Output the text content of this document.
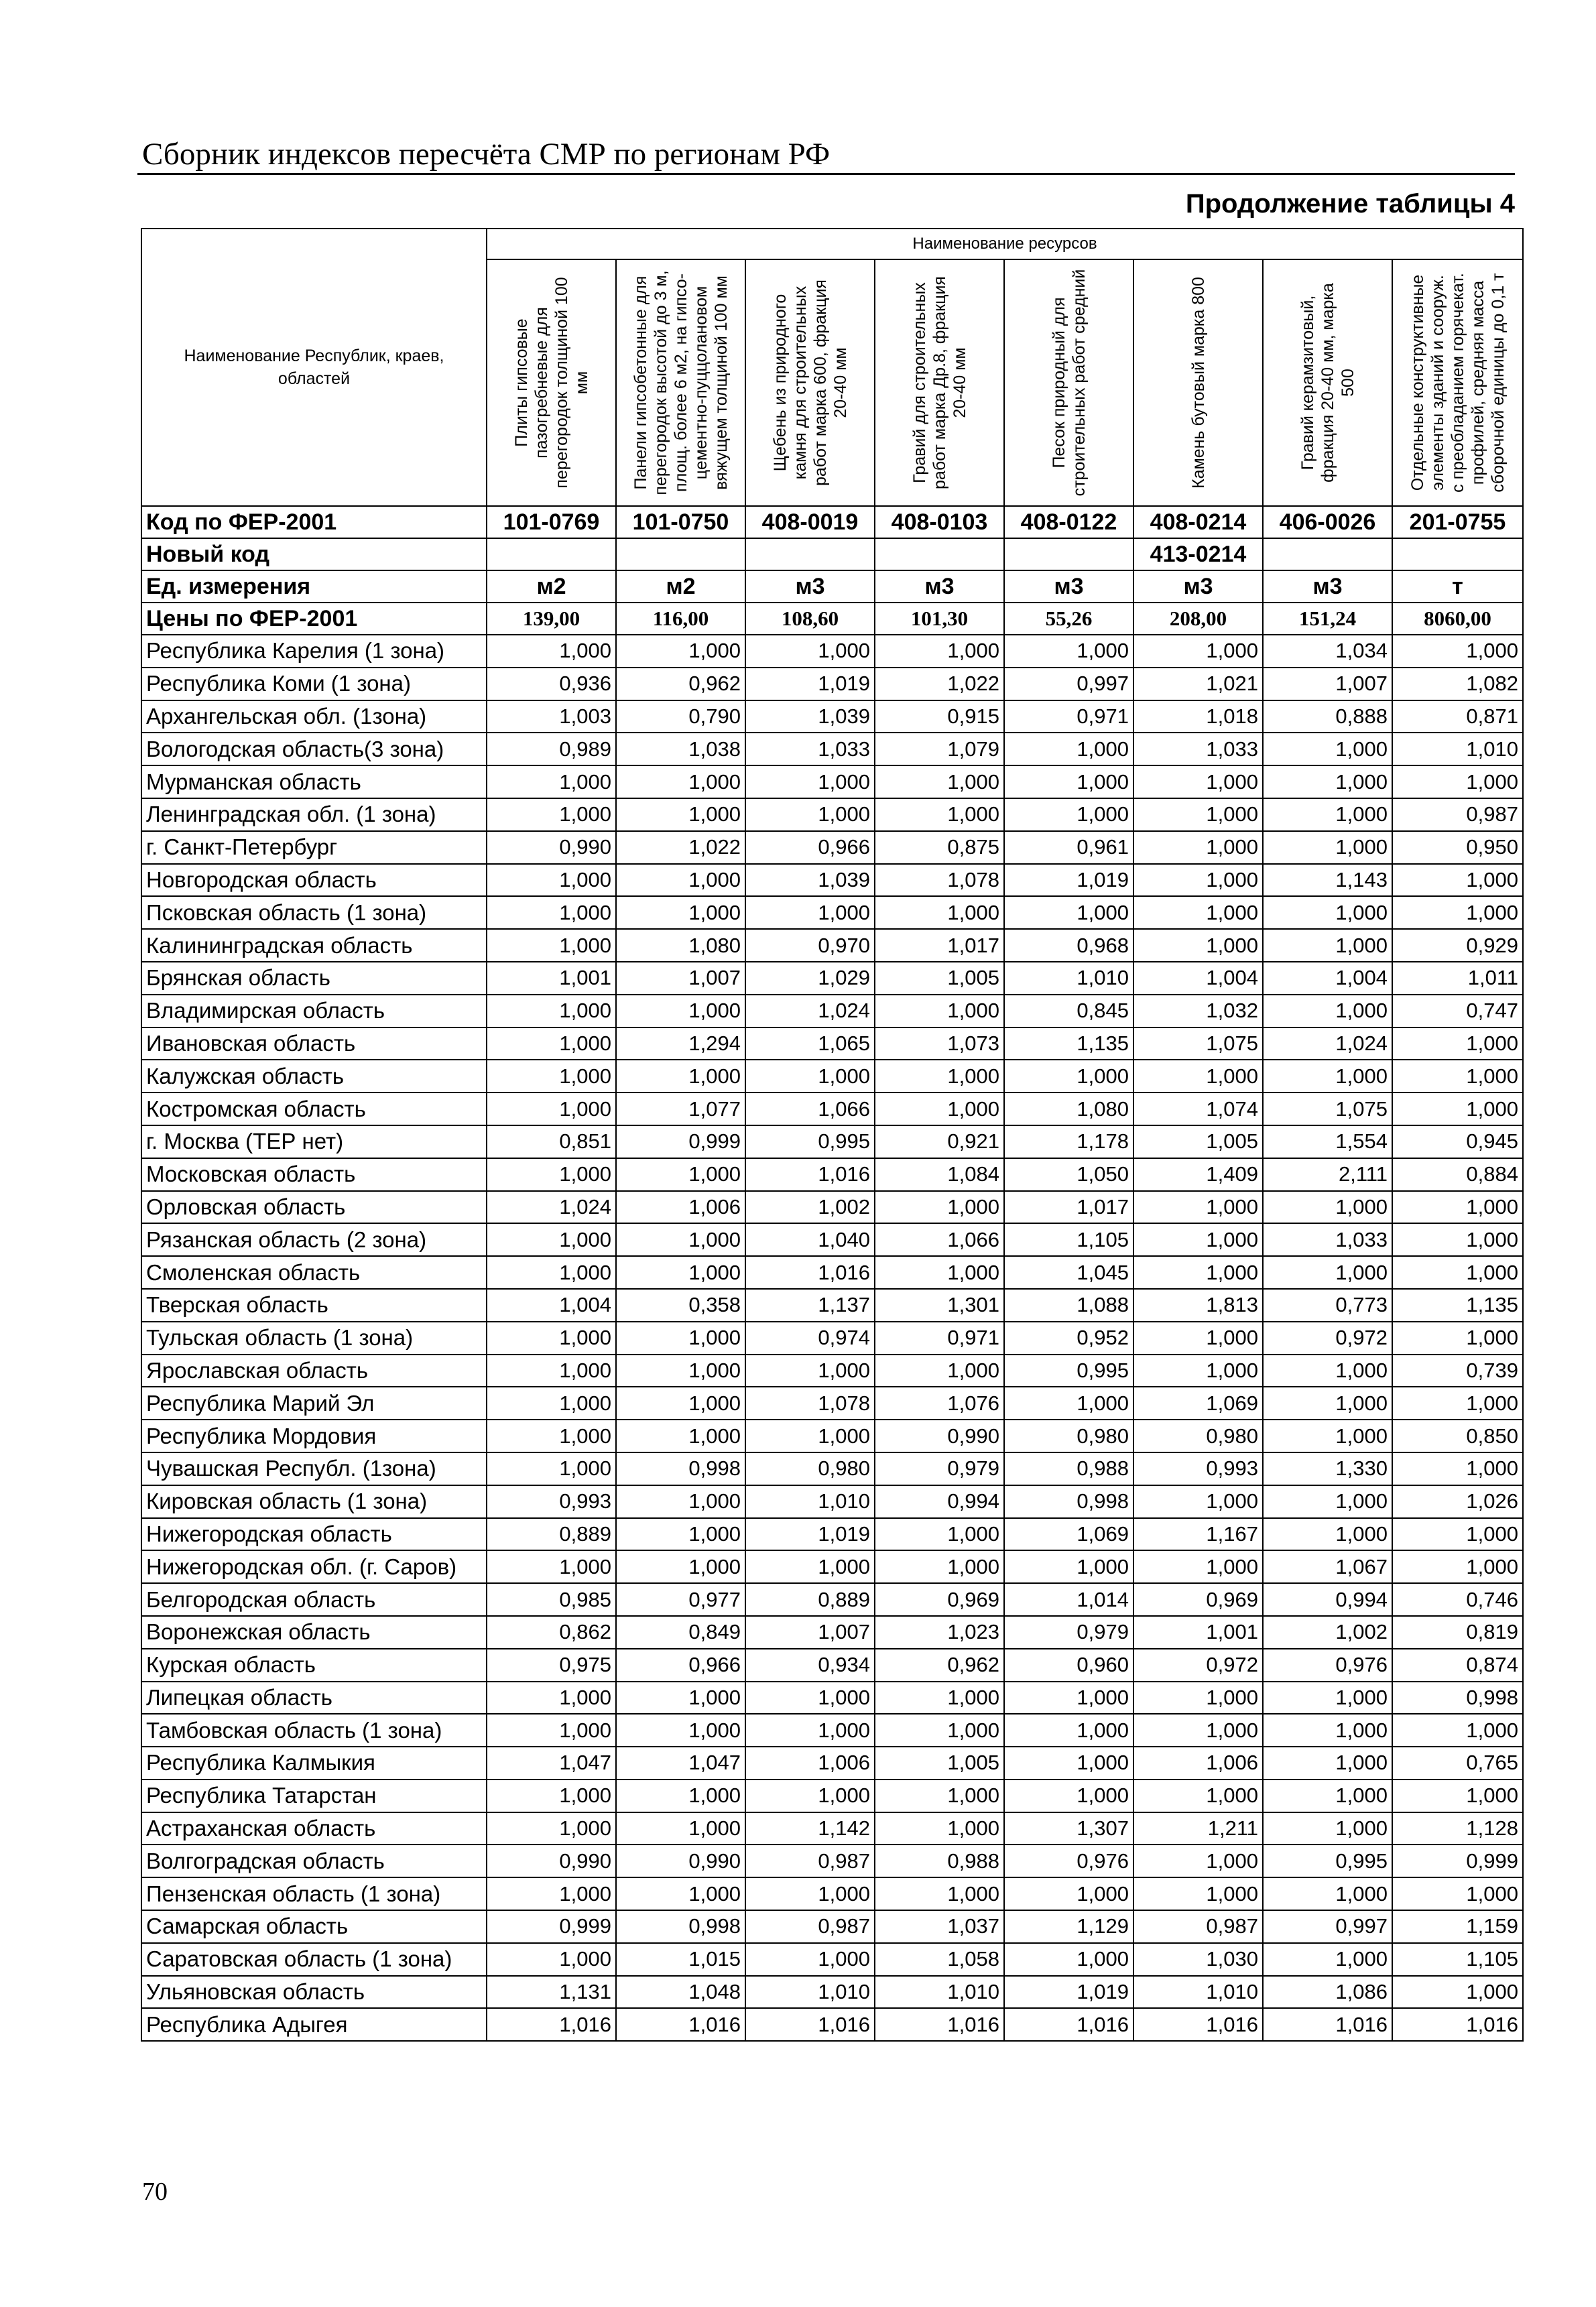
Сборник индексов пересчёта СМР по регионам РФ
Продолжение таблицы 4
Наименование Республик, краев, областей	Наименование ресурсов							

	Плиты гипсовые пазогребневые для перегородок толщиной 100 мм	Панели гипсобетонные для перегородок высотой до 3 м, площ. более 6 м2, на гипсо-цементно-пуццолановом вяжущем толщиной 100 мм	Щебень из природного камня для строительных работ марка 600, фракция 20-40 мм	Гравий для строительных работ марка Др.8, фракция 20-40 мм	Песок природный для строительных работ средний	Камень бутовый марка 800	Гравий керамзитовый, фракция 20-40 мм, марка 500	Отдельные конструктивные элементы зданий и сооруж. с преобладанием горячекат. профилей, средняя масса сборочной единицы до 0,1 т

Код по ФЕР-2001	101-0769	101-0750	408-0019	408-0103	408-0122	408-0214	406-0026	201-0755
Новый код						413-0214		
Ед. измерения	м2	м2	м3	м3	м3	м3	м3	т
Цены по ФЕР-2001	139,00	116,00	108,60	101,30	55,26	208,00	151,24	8060,00
Республика Карелия (1 зона)	1,000	1,000	1,000	1,000	1,000	1,000	1,034	1,000
Республика Коми (1 зона)	0,936	0,962	1,019	1,022	0,997	1,021	1,007	1,082
Архангельская обл. (1зона)	1,003	0,790	1,039	0,915	0,971	1,018	0,888	0,871
Вологодская область(3 зона)	0,989	1,038	1,033	1,079	1,000	1,033	1,000	1,010
Мурманская область	1,000	1,000	1,000	1,000	1,000	1,000	1,000	1,000
Ленинградская обл. (1 зона)	1,000	1,000	1,000	1,000	1,000	1,000	1,000	0,987
г. Санкт-Петербург	0,990	1,022	0,966	0,875	0,961	1,000	1,000	0,950
Новгородская область	1,000	1,000	1,039	1,078	1,019	1,000	1,143	1,000
Псковская область (1 зона)	1,000	1,000	1,000	1,000	1,000	1,000	1,000	1,000
Калининградская область	1,000	1,080	0,970	1,017	0,968	1,000	1,000	0,929
Брянская область	1,001	1,007	1,029	1,005	1,010	1,004	1,004	1,011
Владимирская область	1,000	1,000	1,024	1,000	0,845	1,032	1,000	0,747
Ивановская область	1,000	1,294	1,065	1,073	1,135	1,075	1,024	1,000
Калужская область	1,000	1,000	1,000	1,000	1,000	1,000	1,000	1,000
Костромская область	1,000	1,077	1,066	1,000	1,080	1,074	1,075	1,000
г. Москва (ТЕР нет)	0,851	0,999	0,995	0,921	1,178	1,005	1,554	0,945
Московская область	1,000	1,000	1,016	1,084	1,050	1,409	2,111	0,884
Орловская область	1,024	1,006	1,002	1,000	1,017	1,000	1,000	1,000
Рязанская область (2 зона)	1,000	1,000	1,040	1,066	1,105	1,000	1,033	1,000
Смоленская область	1,000	1,000	1,016	1,000	1,045	1,000	1,000	1,000
Тверская область	1,004	0,358	1,137	1,301	1,088	1,813	0,773	1,135
Тульская область (1 зона)	1,000	1,000	0,974	0,971	0,952	1,000	0,972	1,000
Ярославская область	1,000	1,000	1,000	1,000	0,995	1,000	1,000	0,739
Республика Марий Эл	1,000	1,000	1,078	1,076	1,000	1,069	1,000	1,000
Республика Мордовия	1,000	1,000	1,000	0,990	0,980	0,980	1,000	0,850
Чувашская Республ. (1зона)	1,000	0,998	0,980	0,979	0,988	0,993	1,330	1,000
Кировская область (1 зона)	0,993	1,000	1,010	0,994	0,998	1,000	1,000	1,026
Нижегородская область	0,889	1,000	1,019	1,000	1,069	1,167	1,000	1,000
Нижегородская обл. (г. Саров)	1,000	1,000	1,000	1,000	1,000	1,000	1,067	1,000
Белгородская область	0,985	0,977	0,889	0,969	1,014	0,969	0,994	0,746
Воронежская область	0,862	0,849	1,007	1,023	0,979	1,001	1,002	0,819
Курская область	0,975	0,966	0,934	0,962	0,960	0,972	0,976	0,874
Липецкая область	1,000	1,000	1,000	1,000	1,000	1,000	1,000	0,998
Тамбовская область (1 зона)	1,000	1,000	1,000	1,000	1,000	1,000	1,000	1,000
Республика Калмыкия	1,047	1,047	1,006	1,005	1,000	1,006	1,000	0,765
Республика Татарстан	1,000	1,000	1,000	1,000	1,000	1,000	1,000	1,000
Астраханская область	1,000	1,000	1,142	1,000	1,307	1,211	1,000	1,128
Волгоградская область	0,990	0,990	0,987	0,988	0,976	1,000	0,995	0,999
Пензенская область (1 зона)	1,000	1,000	1,000	1,000	1,000	1,000	1,000	1,000
Самарская область	0,999	0,998	0,987	1,037	1,129	0,987	0,997	1,159
Саратовская область (1 зона)	1,000	1,015	1,000	1,058	1,000	1,030	1,000	1,105
Ульяновская область	1,131	1,048	1,010	1,010	1,019	1,010	1,086	1,000
Республика Адыгея	1,016	1,016	1,016	1,016	1,016	1,016	1,016	1,016
70
